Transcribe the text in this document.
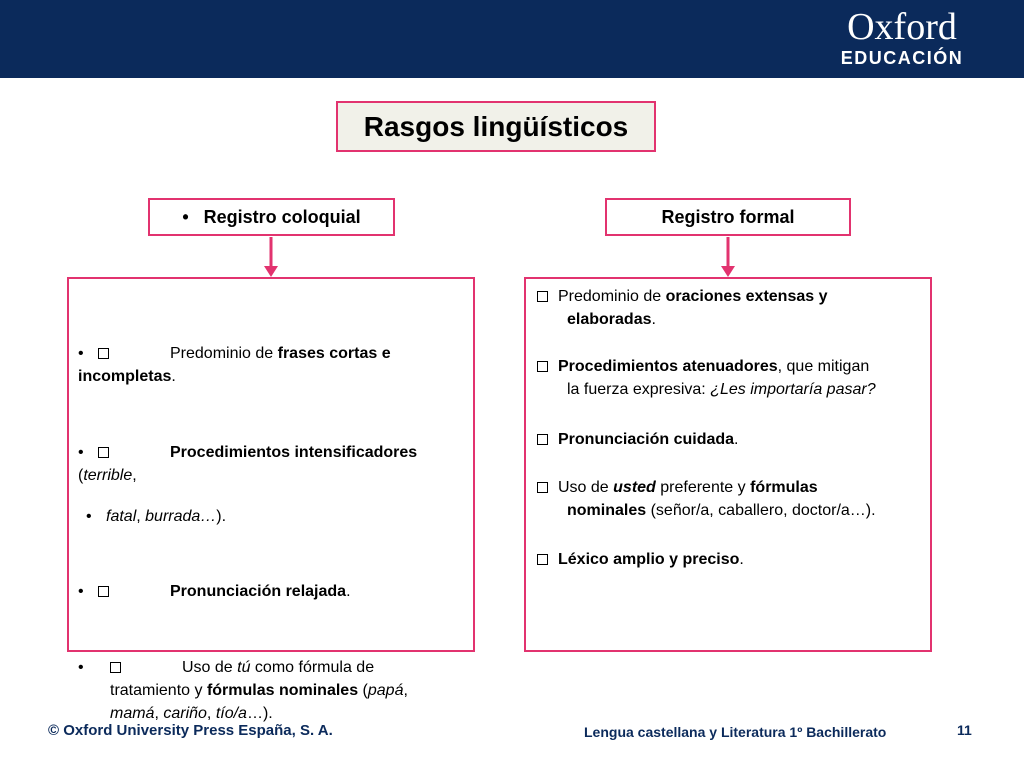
Oxford
EDUCACIÓN
Rasgos lingüísticos
• Registro coloquial	Registro formal
•	Predominio de frases cortas e
incompletas.
•	Procedimientos intensificadores
(terrible,
• fatal, burrada…).
•	Pronunciación relajada.
•	Uso de tú como fórmula de
tratamiento y fórmulas nominales (papá,
mamá, cariño, tío/a…).
Predominio de oraciones extensas y
elaboradas.
Procedimientos atenuadores, que mitigan
la fuerza expresiva: ¿Les importaría pasar?
Pronunciación cuidada.
Uso de usted preferente y fórmulas
nominales (señor/a, caballero, doctor/a…).
Léxico amplio y preciso.
© Oxford University Press España, S. A.	Lengua castellana y Literatura 1º Bachillerato	11
